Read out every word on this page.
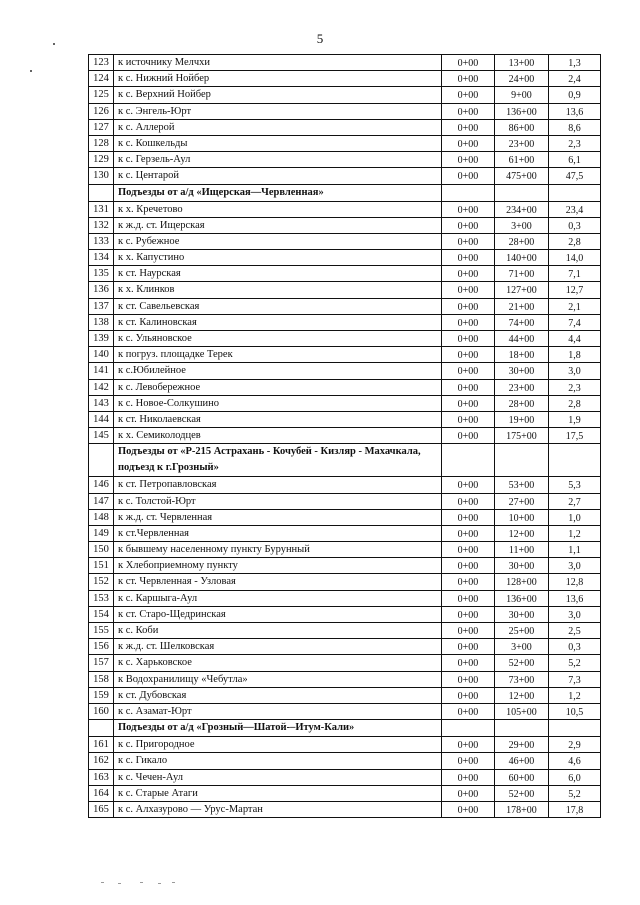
5
123 к источнику Мелчхи	0+00	13+00	1,3
124 к с. Нижний Нойбер	0+00	24+00	2,4
125 к с. Верхний Нойбер	0+00	9+00	0,9
126 к с. Энгель-Юрт	0+00	136+00	13,6
127 к с. Аллерой	0+00	86+00	8,6
128 к с. Кошкельды	0+00	23+00	2,3
129 к с. Герзель-Аул	0+00	61+00	6,1
130 к с. Центарой	0+00	475+00	47,5
Подъезды от а/д «Ищерская—Червленная»
131 к х. Кречетово	0+00	234+00	23,4
132 к ж.д. ст. Ищерская	0+00	3+00	0,3
133 к с. Рубежное	0+00	28+00	2,8
134 к х. Капустино	0+00	140+00	14,0
135 к ст. Наурская	0+00	71+00	7,1
136 к х. Клинков	0+00	127+00	12,7
137 к ст. Савельевская	0+00	21+00	2,1
138 к ст. Калиновская	0+00	74+00	7,4
139 к с. Ульяновское	0+00	44+00	4,4
140 к погруз. площадке Терек	0+00	18+00	1,8
141 к с.Юбилейное	0+00	30+00	3,0
142 к с. Левобережное	0+00	23+00	2,3
143 к с. Новое-Солкушино	0+00	28+00	2,8
144 к ст. Николаевская	0+00	19+00	1,9
145 к х. Семиколодцев	0+00	175+00	17,5
Подъезды от «Р-215 Астрахань - Кочубей - Кизляр - Махачкала, подъезд к г.Грозный»
146 к ст. Петропавловская	0+00	53+00	5,3
147 к с. Толстой-Юрт	0+00	27+00	2,7
148 к ж.д. ст. Червленная	0+00	10+00	1,0
149 к ст.Червленная	0+00	12+00	1,2
150 к бывшему населенному пункту Бурунный	0+00	11+00	1,1
151 к Хлебоприемному пункту	0+00	30+00	3,0
152 к ст. Червленная - Узловая	0+00	128+00	12,8
153 к с. Каршыга-Аул	0+00	136+00	13,6
154 к ст. Старо-Щедринская	0+00	30+00	3,0
155 к с. Коби	0+00	25+00	2,5
156 к ж.д. ст. Шелковская	0+00	3+00	0,3
157 к с. Харьковское	0+00	52+00	5,2
158 к Водохранилищу «Чебутла»	0+00	73+00	7,3
159 к ст. Дубовская	0+00	12+00	1,2
160 к с. Азамат-Юрт	0+00	105+00	10,5
Подъезды от а/д «Грозный—Шатой-–Итум-Кали»
161 к с. Пригородное	0+00	29+00	2,9
162 к с. Гикало	0+00	46+00	4,6
163 к с. Чечен-Аул	0+00	60+00	6,0
164 к с. Старые Атаги	0+00	52+00	5,2
165 к с. Алхазурово — Урус-Мартан	0+00	178+00	17,8
